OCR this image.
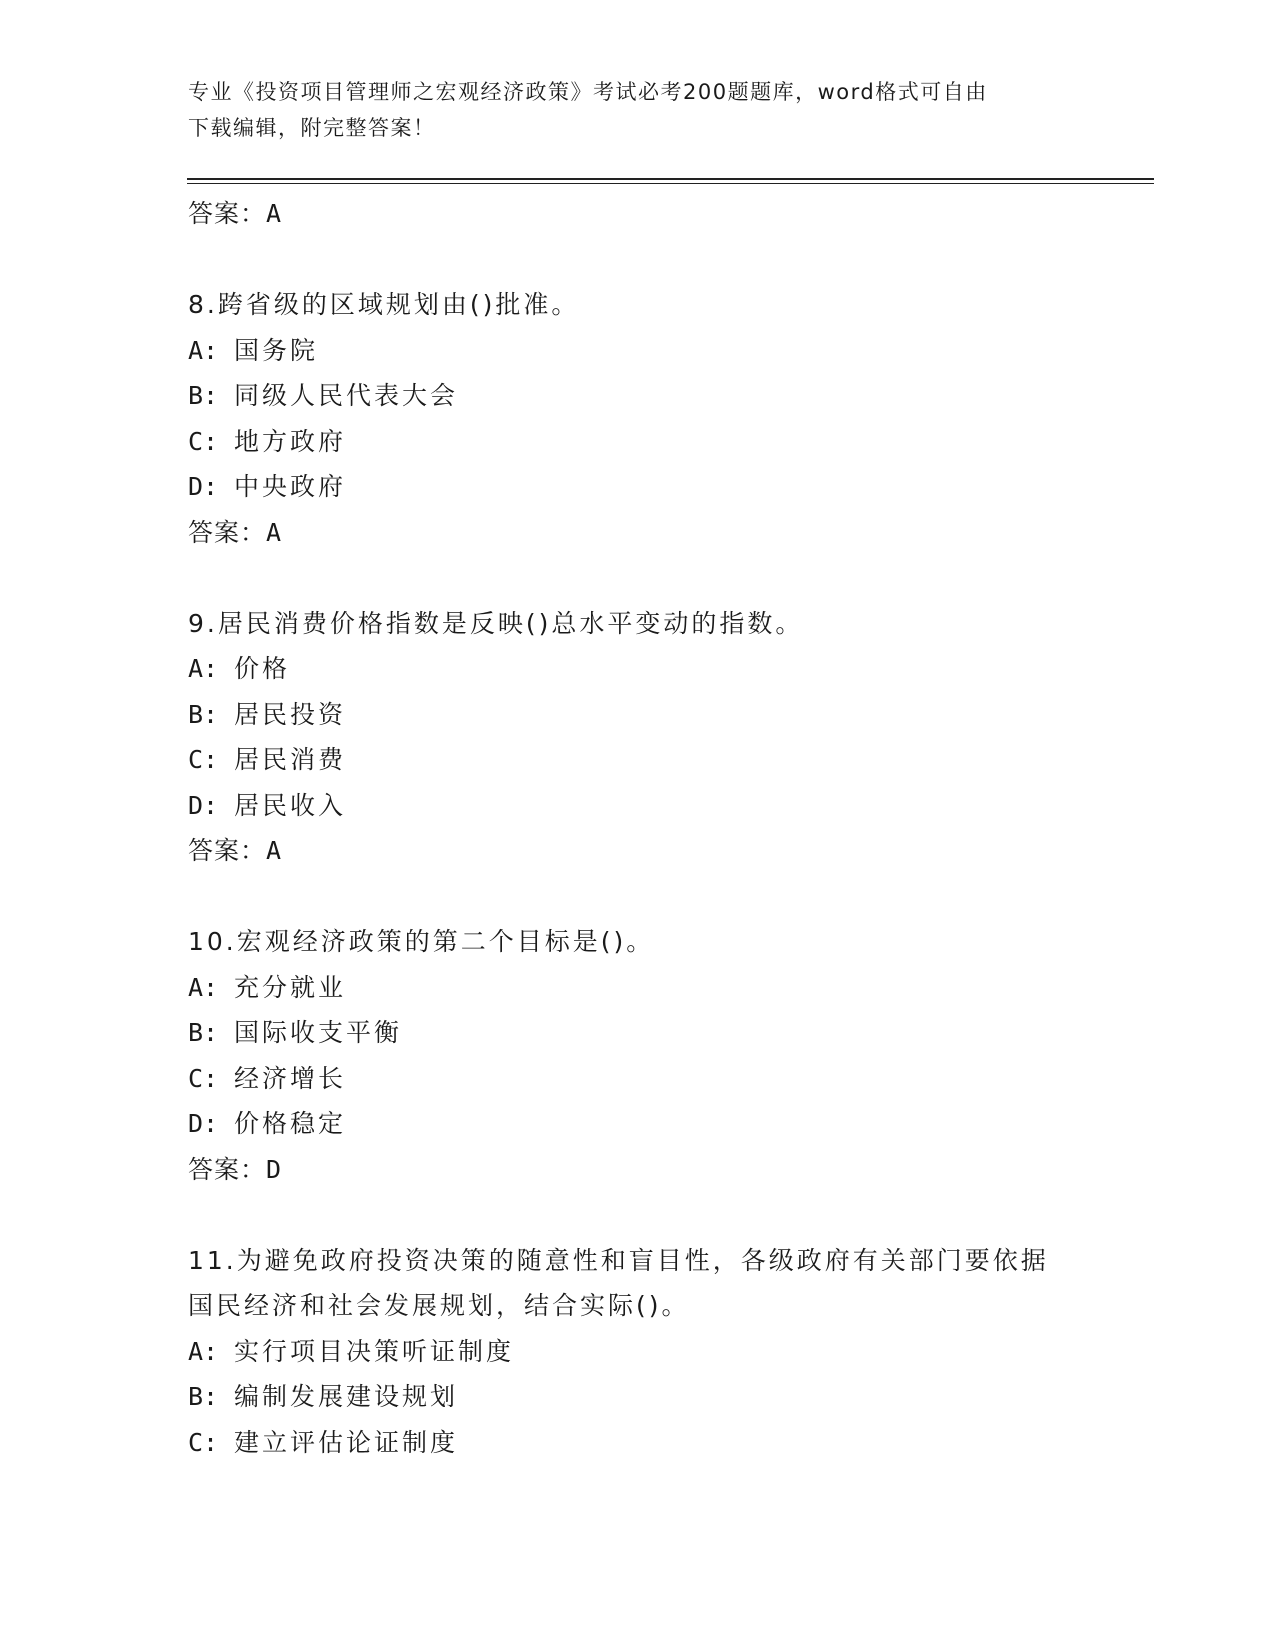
专业《投资项目管理师之宏观经济政策》考试必考200题题库，word格式可自由
下载编辑，附完整答案！
答案：A
8.跨省级的区域规划由()批准。
A: 国务院
B: 同级人民代表大会
C: 地方政府
D: 中央政府
答案：A
9.居民消费价格指数是反映()总水平变动的指数。
A: 价格
B: 居民投资
C: 居民消费
D: 居民收入
答案：A
10.宏观经济政策的第二个目标是()。
A: 充分就业
B: 国际收支平衡
C: 经济增长
D: 价格稳定
答案：D
11.为避免政府投资决策的随意性和盲目性，各级政府有关部门要依据
国民经济和社会发展规划，结合实际()。
A: 实行项目决策听证制度
B: 编制发展建设规划
C: 建立评估论证制度
